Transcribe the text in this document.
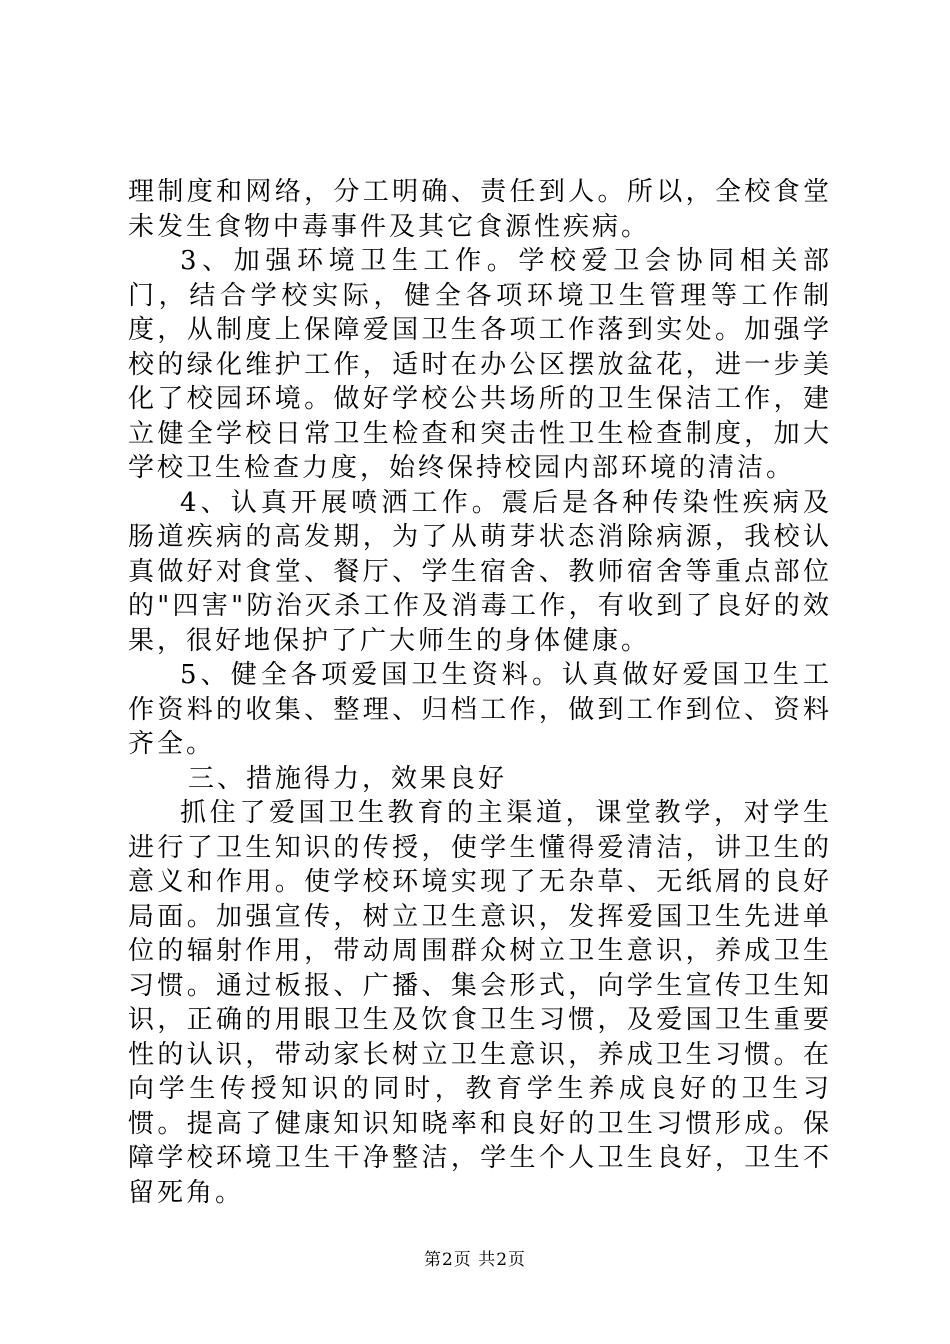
理制度和网络，分工明确、责任到人。所以，全校食堂未发生食物中毒事件及其它食源性疾病。

3、加强环境卫生工作。学校爱卫会协同相关部门，结合学校实际，健全各项环境卫生管理等工作制度，从制度上保障爱国卫生各项工作落到实处。加强学校的绿化维护工作，适时在办公区摆放盆花，进一步美化了校园环境。做好学校公共场所的卫生保洁工作，建立健全学校日常卫生检查和突击性卫生检查制度，加大学校卫生检查力度，始终保持校园内部环境的清洁。

4、认真开展喷洒工作。震后是各种传染性疾病及肠道疾病的高发期，为了从萌芽状态消除病源，我校认真做好对食堂、餐厅、学生宿舍、教师宿舍等重点部位的"四害"防治灭杀工作及消毒工作，有收到了良好的效果，很好地保护了广大师生的身体健康。

5、健全各项爱国卫生资料。认真做好爱国卫生工作资料的收集、整理、归档工作，做到工作到位、资料齐全。

三、措施得力，效果良好

抓住了爱国卫生教育的主渠道，课堂教学，对学生进行了卫生知识的传授，使学生懂得爱清洁，讲卫生的意义和作用。使学校环境实现了无杂草、无纸屑的良好局面。加强宣传，树立卫生意识，发挥爱国卫生先进单位的辐射作用，带动周围群众树立卫生意识，养成卫生习惯。通过板报、广播、集会形式，向学生宣传卫生知识，正确的用眼卫生及饮食卫生习惯，及爱国卫生重要性的认识，带动家长树立卫生意识，养成卫生习惯。在向学生传授知识的同时，教育学生养成良好的卫生习惯。提高了健康知识知晓率和良好的卫生习惯形成。保障学校环境卫生干净整洁，学生个人卫生良好，卫生不留死角。

第2页 共2页
